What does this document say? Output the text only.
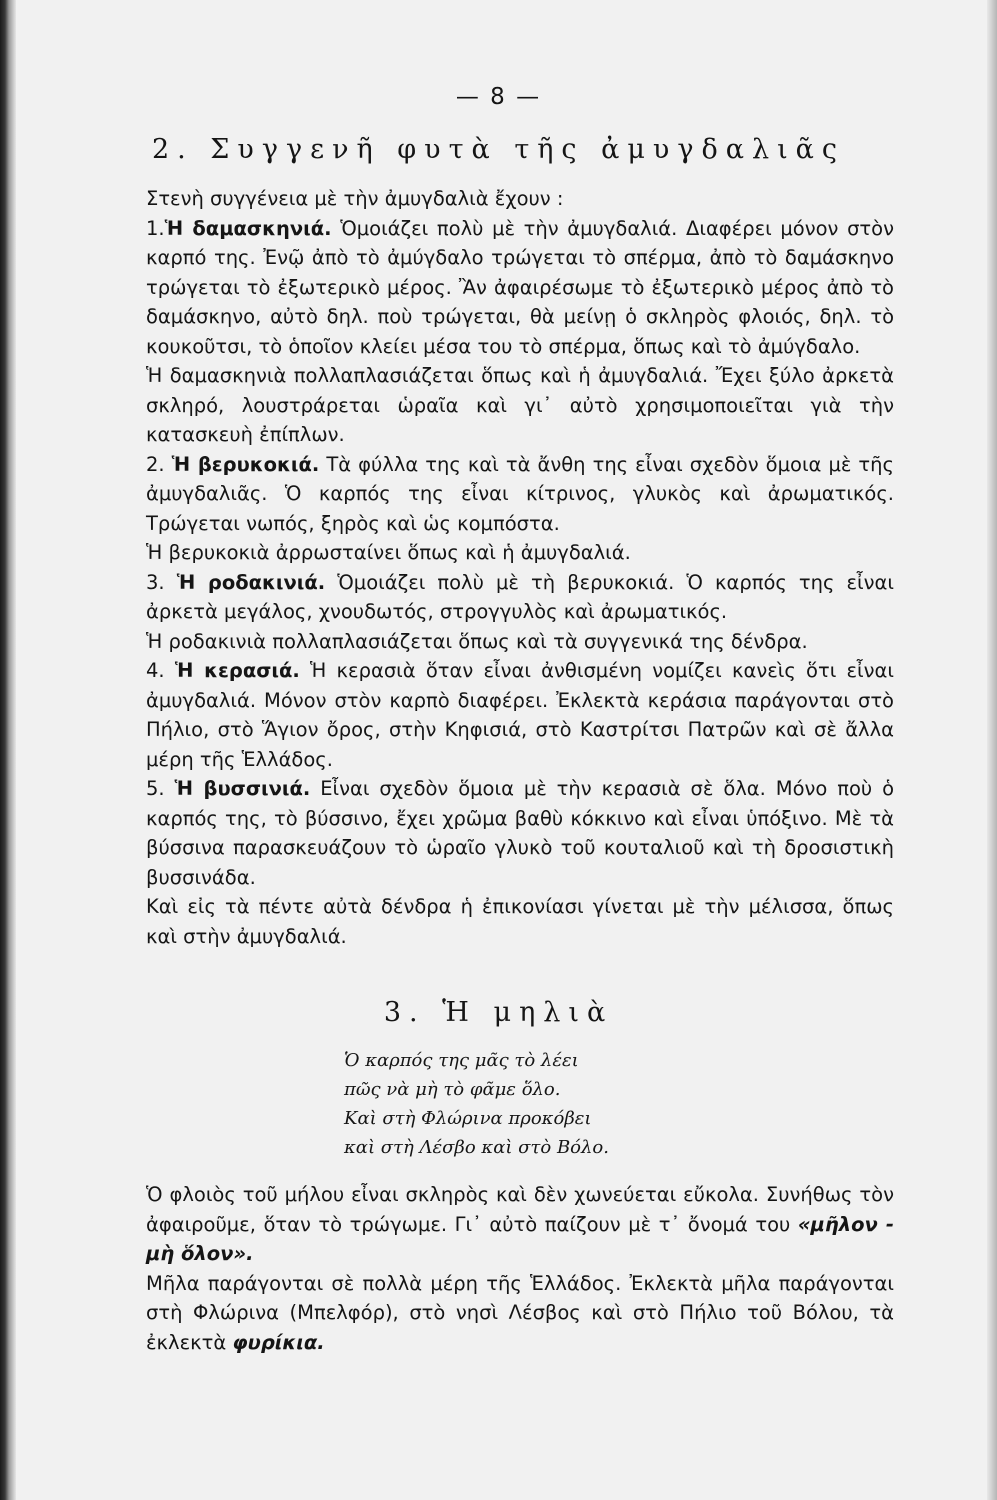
— 8 —
2. Συγγενῆ φυτὰ τῆς ἀμυγδαλιᾶς

Στενὴ συγγένεια μὲ τὴν ἀμυγδαλιὰ ἔχουν :

1.Ἡ δαμασκηνιά. Ὁμοιάζει πολὺ μὲ τὴν ἀμυγδαλιά. Διαφέρει μόνον στὸν καρπό της. Ἐνῷ ἀπὸ τὸ ἀμύγδαλο τρώγεται τὸ σπέρμα, ἀπὸ τὸ δαμάσκηνο τρώγεται τὸ ἐξωτερικὸ μέρος. Ἂν ἀφαιρέσωμε τὸ ἐξωτερικὸ μέρος ἀπὸ τὸ δαμάσκηνο, αὐτὸ δηλ. ποὺ τρώγεται, θὰ μείνῃ ὁ σκληρὸς φλοιός, δηλ. τὸ κουκοῦτσι, τὸ ὁποῖον κλείει μέσα του τὸ σπέρμα, ὅπως καὶ τὸ ἀμύγδαλο.

Ἡ δαμασκηνιὰ πολλαπλασιάζεται ὅπως καὶ ἡ ἀμυγδαλιά. Ἔχει ξύλο ἀρκετὰ σκληρό, λουστράρεται ὡραῖα καὶ γι᾽ αὐτὸ χρησιμοποιεῖται γιὰ τὴν κατασκευὴ ἐπίπλων.

2. Ἡ βερυκοκιά. Τὰ φύλλα της καὶ τὰ ἄνθη της εἶναι σχεδὸν ὅμοια μὲ τῆς ἀμυγδαλιᾶς. Ὁ καρπός της εἶναι κίτρινος, γλυκὸς καὶ ἀρωματικός. Τρώγεται νωπός, ξηρὸς καὶ ὡς κομπόστα.

Ἡ βερυκοκιὰ ἀρρωσταίνει ὅπως καὶ ἡ ἀμυγδαλιά.

3. Ἡ ροδακινιά. Ὁμοιάζει πολὺ μὲ τὴ βερυκοκιά. Ὁ καρπός της εἶναι ἀρκετὰ μεγάλος, χνουδωτός, στρογγυλὸς καὶ ἀρωματικός.

Ἡ ροδακινιὰ πολλαπλασιάζεται ὅπως καὶ τὰ συγγενικά της δένδρα.

4. Ἡ κερασιά. Ἡ κερασιὰ ὅταν εἶναι ἀνθισμένη νομίζει κανεὶς ὅτι εἶναι ἀμυγδαλιά. Μόνον στὸν καρπὸ διαφέρει. Ἐκλεκτὰ κεράσια παράγονται στὸ Πήλιο, στὸ Ἅγιον ὄρος, στὴν Κηφισιά, στὸ Καστρίτσι Πατρῶν καὶ σὲ ἄλλα μέρη τῆς Ἑλλάδος.

5. Ἡ βυσσινιά. Εἶναι σχεδὸν ὅμοια μὲ τὴν κερασιὰ σὲ ὅλα. Μόνο ποὺ ὁ καρπός της, τὸ βύσσινο, ἔχει χρῶμα βαθὺ κόκκινο καὶ εἶναι ὑπόξινο. Μὲ τὰ βύσσινα παρασκευάζουν τὸ ὡραῖο γλυκὸ τοῦ κουταλιοῦ καὶ τὴ δροσιστικὴ βυσσινάδα.

Καὶ εἰς τὰ πέντε αὐτὰ δένδρα ἡ ἐπικονίασι γίνεται μὲ τὴν μέλισσα, ὅπως καὶ στὴν ἀμυγδαλιά.

3. Ἡ μηλιὰ
Ὁ καρπός της μᾶς τὸ λέει
πῶς νὰ μὴ τὸ φᾶμε ὅλο.
Καὶ στὴ Φλώρινα προκόβει
καὶ στὴ Λέσβο καὶ στὸ Βόλο.

Ὁ φλοιὸς τοῦ μήλου εἶναι σκληρὸς καὶ δὲν χωνεύεται εὔκολα. Συνήθως τὸν ἀφαιροῦμε, ὅταν τὸ τρώγωμε. Γι᾽ αὐτὸ παίζουν μὲ τ᾽ ὄνομά του «μῆλον - μὴ ὅλον».

Μῆλα παράγονται σὲ πολλὰ μέρη τῆς Ἑλλάδος. Ἐκλεκτὰ μῆλα παράγονται στὴ Φλώρινα (Μπελφόρ), στὸ νησὶ Λέσβος καὶ στὸ Πήλιο τοῦ Βόλου, τὰ ἐκλεκτὰ φυρίκια.
